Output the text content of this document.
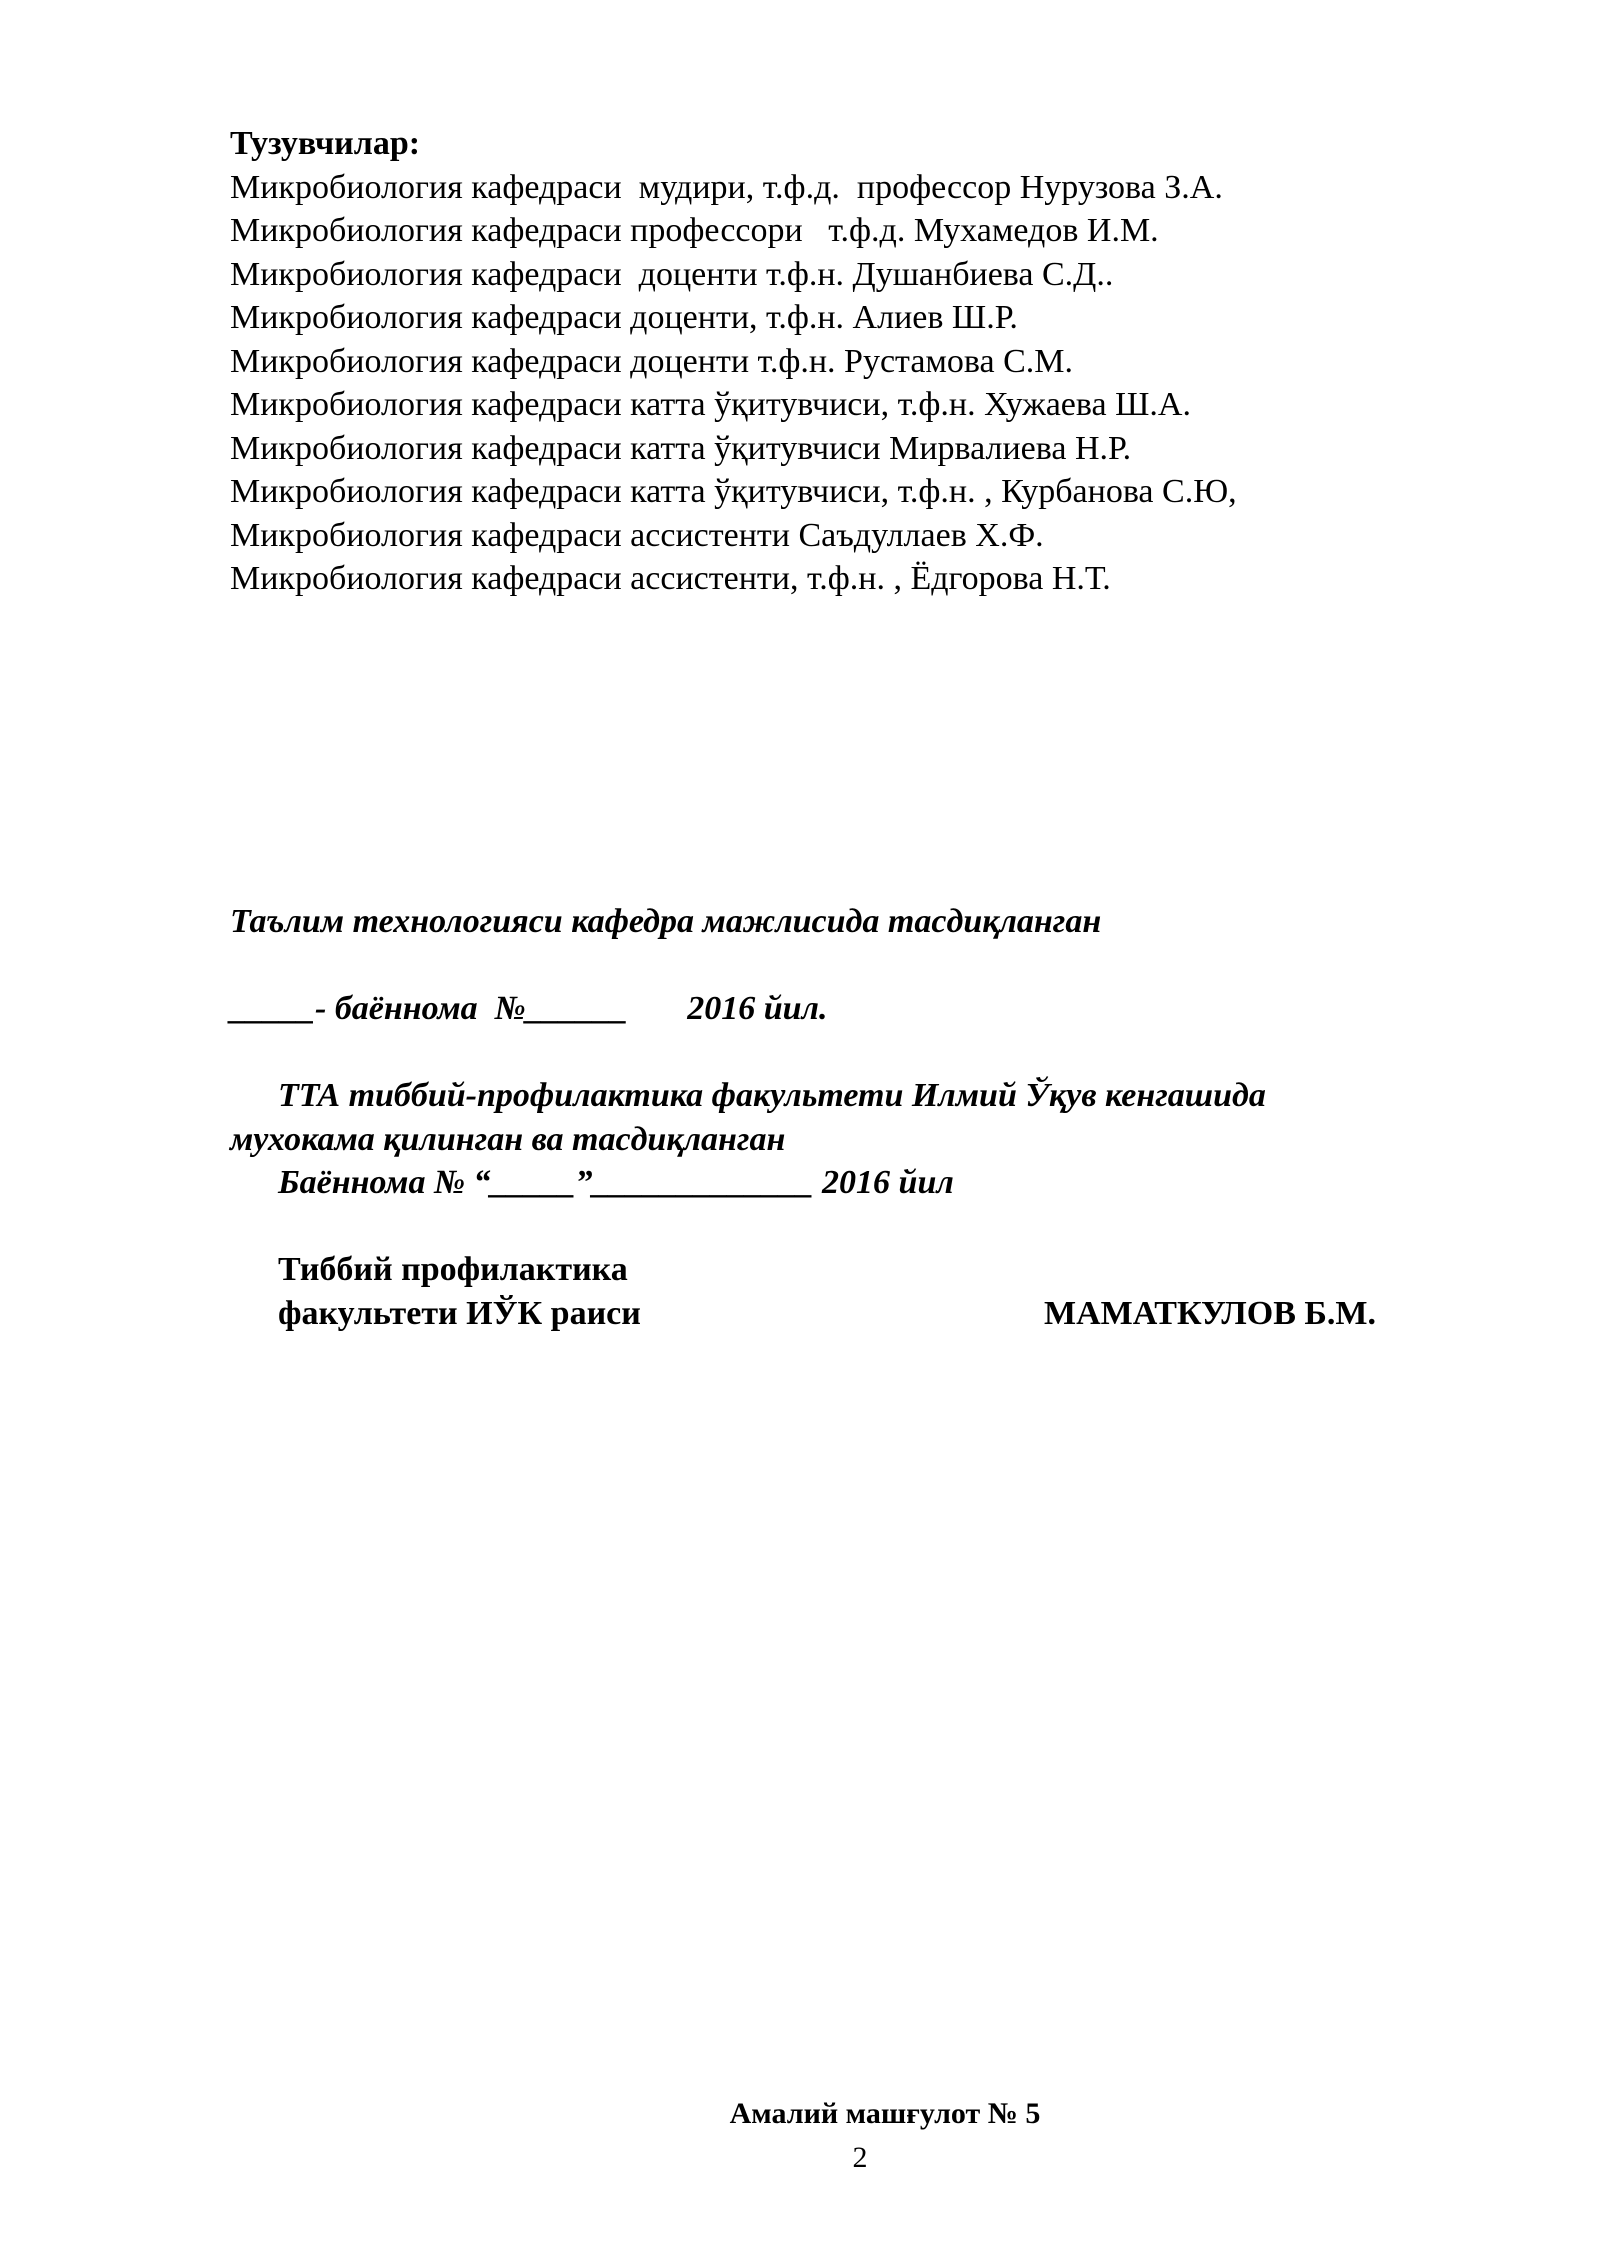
Тузувчилар:
Микробиология кафедраси  мудири, т.ф.д.  профессор Нурузова З.А.
Микробиология кафедраси профессори   т.ф.д. Мухамедов И.М.
Микробиология кафедраси  доценти т.ф.н. Душанбиева С.Д..
Микробиология кафедраси доценти, т.ф.н. Алиев Ш.Р.
Микробиология кафедраси доценти т.ф.н. Рустамова С.М.
Микробиология кафедраси катта ўқитувчиси, т.ф.н. Хужаева Ш.А.
Микробиология кафедраси катта ўқитувчиси Мирвалиева Н.Р.
Микробиология кафедраси катта ўқитувчиси, т.ф.н. , Курбанова С.Ю,
Микробиология кафедраси ассистенти Саъдуллаев Х.Ф.
Микробиология кафедраси ассистенти, т.ф.н. , Ёдгорова Н.Т.
Таълим технологияси кафедра мажлисида тасдиқланган
_____- баённома  №______       2016 йил.
ТТА тиббий-профилактика факультети Илмий Ўқув кенгашида
мухокама қилинган ва тасдиқланган
Баённома № “_____”_____________ 2016 йил
Тиббий профилактика
факультети ИЎК раиси	МАМАТКУЛОВ Б.М.
Амалий машғулот № 5
2
